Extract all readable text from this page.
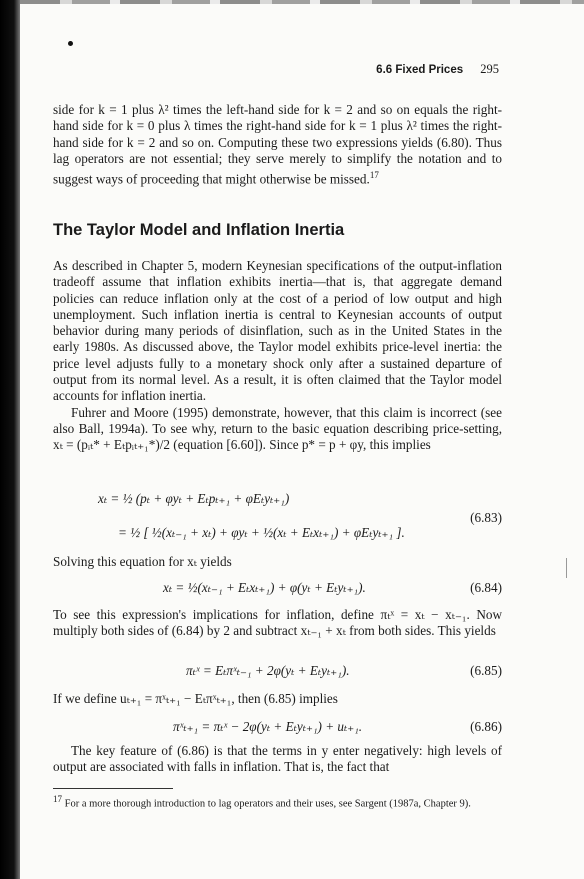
6.6 Fixed Prices 295

side for k = 1 plus λ² times the left-hand side for k = 2 and so on equals the right-hand side for k = 0 plus λ times the right-hand side for k = 1 plus λ² times the right-hand side for k = 2 and so on. Computing these two expressions yields (6.80). Thus lag operators are not essential; they serve merely to simplify the notation and to suggest ways of proceeding that might otherwise be missed.$^{17}$

The Taylor Model and Inflation Inertia

As described in Chapter 5, modern Keynesian specifications of the output-inflation tradeoff assume that inflation exhibits inertia—that is, that aggregate demand policies can reduce inflation only at the cost of a period of low output and high unemployment. Such inflation inertia is central to Keynesian accounts of output behavior during many periods of disinflation, such as in the United States in the early 1980s. As discussed above, the Taylor model exhibits price-level inertia: the price level adjusts fully to a monetary shock only after a sustained departure of output from its normal level. As a result, it is often claimed that the Taylor model accounts for inflation inertia.

Fuhrer and Moore (1995) demonstrate, however, that this claim is incorrect (see also Ball, 1994a). To see why, return to the basic equation describing price-setting, xₜ = (pᵢₜ* + Eₜpᵢₜ₊₁*)/2 (equation [6.60]). Since p* = p + φy, this implies

xₜ = ½ (pₜ + φyₜ + Eₜpₜ₊₁ + φEₜyₜ₊₁)
(6.83)
= ½ [ ½(xₜ₋₁ + xₜ) + φyₜ + ½(xₜ + Eₜxₜ₊₁) + φEₜyₜ₊₁ ].

Solving this equation for xₜ yields

xₜ = ½(xₜ₋₁ + Eₜxₜ₊₁) + φ(yₜ + Eₜyₜ₊₁).	(6.84)

To see this expression's implications for inflation, define πₜˣ = xₜ − xₜ₋₁. Now multiply both sides of (6.84) by 2 and subtract xₜ₋₁ + xₜ from both sides. This yields

πₜˣ = Eₜπˣₜ₋₁ + 2φ(yₜ + Eₜyₜ₊₁).	(6.85)

If we define uₜ₊₁ = πˣₜ₊₁ − Eₜπˣₜ₊₁, then (6.85) implies

πˣₜ₊₁ = πₜˣ − 2φ(yₜ + Eₜyₜ₊₁) + uₜ₊₁.	(6.86)

The key feature of (6.86) is that the terms in y enter negatively: high levels of output are associated with falls in inflation. That is, the fact that

$^{17}$ For a more thorough introduction to lag operators and their uses, see Sargent (1987a, Chapter 9).
